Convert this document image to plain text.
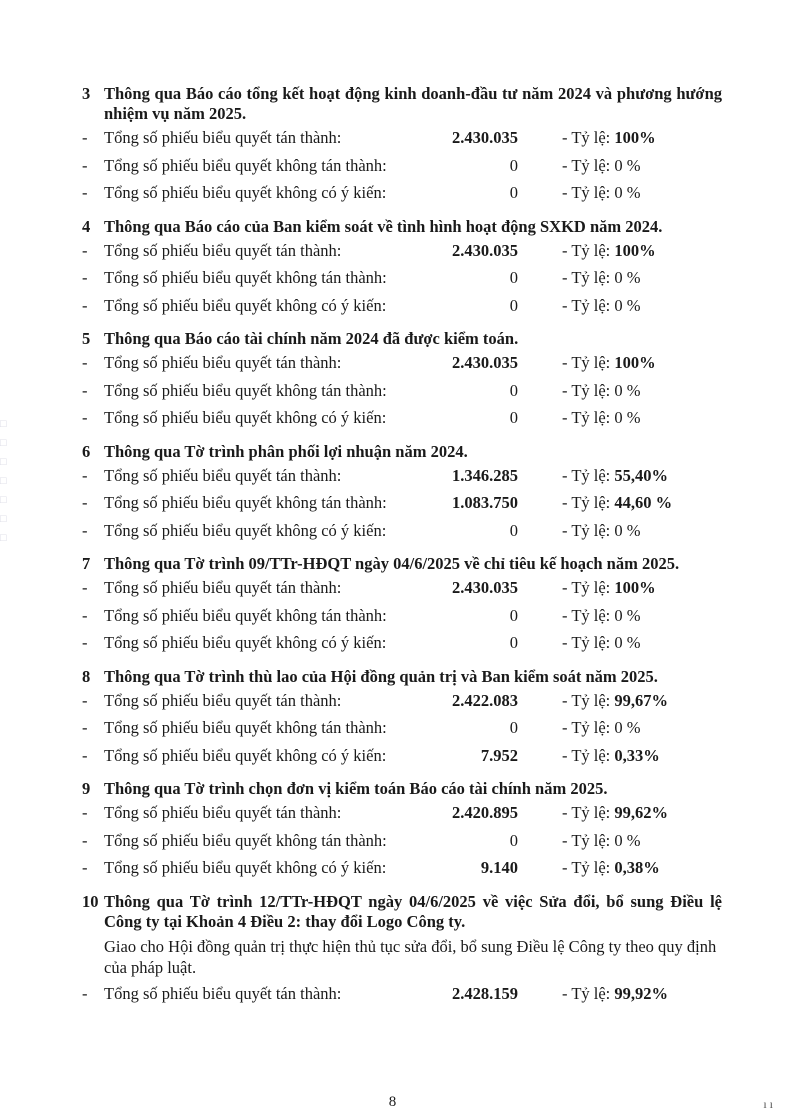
□
□
□
□
□
□
□
3 Thông qua Báo cáo tổng kết hoạt động kinh doanh-đầu tư năm 2024 và phương hướng nhiệm vụ năm 2025.
-	Tổng số phiếu biểu quyết tán thành:	2.430.035	- Tỷ lệ: 100%
-	Tổng số phiếu biểu quyết không tán thành:	0	- Tỷ lệ: 0 %
-	Tổng số phiếu biểu quyết không có ý kiến:	0	- Tỷ lệ: 0 %
4 Thông qua Báo cáo của Ban kiểm soát về tình hình hoạt động SXKD năm 2024.
-	Tổng số phiếu biểu quyết tán thành:	2.430.035	- Tỷ lệ: 100%
-	Tổng số phiếu biểu quyết không tán thành:	0	- Tỷ lệ: 0 %
-	Tổng số phiếu biểu quyết không có ý kiến:	0	- Tỷ lệ: 0 %
5 Thông qua Báo cáo tài chính năm 2024 đã được kiểm toán.
-	Tổng số phiếu biểu quyết tán thành:	2.430.035	- Tỷ lệ: 100%
-	Tổng số phiếu biểu quyết không tán thành:	0	- Tỷ lệ: 0 %
-	Tổng số phiếu biểu quyết không có ý kiến:	0	- Tỷ lệ: 0 %
6 Thông qua Tờ trình phân phối lợi nhuận năm 2024.
-	Tổng số phiếu biểu quyết tán thành:	1.346.285	- Tỷ lệ: 55,40%
-	Tổng số phiếu biểu quyết không tán thành:	1.083.750	- Tỷ lệ: 44,60 %
-	Tổng số phiếu biểu quyết không có ý kiến:	0	- Tỷ lệ: 0 %
7 Thông qua Tờ trình 09/TTr-HĐQT ngày 04/6/2025 về chỉ tiêu kế hoạch năm 2025.
-	Tổng số phiếu biểu quyết tán thành:	2.430.035	- Tỷ lệ: 100%
-	Tổng số phiếu biểu quyết không tán thành:	0	- Tỷ lệ: 0 %
-	Tổng số phiếu biểu quyết không có ý kiến:	0	- Tỷ lệ: 0 %
8 Thông qua Tờ trình thù lao của Hội đồng quản trị và Ban kiểm soát năm 2025.
-	Tổng số phiếu biểu quyết tán thành:	2.422.083	- Tỷ lệ: 99,67%
-	Tổng số phiếu biểu quyết không tán thành:	0	- Tỷ lệ: 0 %
-	Tổng số phiếu biểu quyết không có ý kiến:	7.952	- Tỷ lệ: 0,33%
9 Thông qua Tờ trình chọn đơn vị kiểm toán Báo cáo tài chính năm 2025.
-	Tổng số phiếu biểu quyết tán thành:	2.420.895	- Tỷ lệ: 99,62%
-	Tổng số phiếu biểu quyết không tán thành:	0	- Tỷ lệ: 0 %
-	Tổng số phiếu biểu quyết không có ý kiến:	9.140	- Tỷ lệ: 0,38%
10 Thông qua Tờ trình 12/TTr-HĐQT ngày 04/6/2025 về việc Sửa đổi, bổ sung Điều lệ Công ty tại Khoản 4 Điều 2: thay đổi Logo Công ty.
Giao cho Hội đồng quản trị thực hiện thủ tục sửa đổi, bổ sung Điều lệ Công ty theo quy định của pháp luật.
-	Tổng số phiếu biểu quyết tán thành:	2.428.159	- Tỷ lệ: 99,92%
8	ı ı
